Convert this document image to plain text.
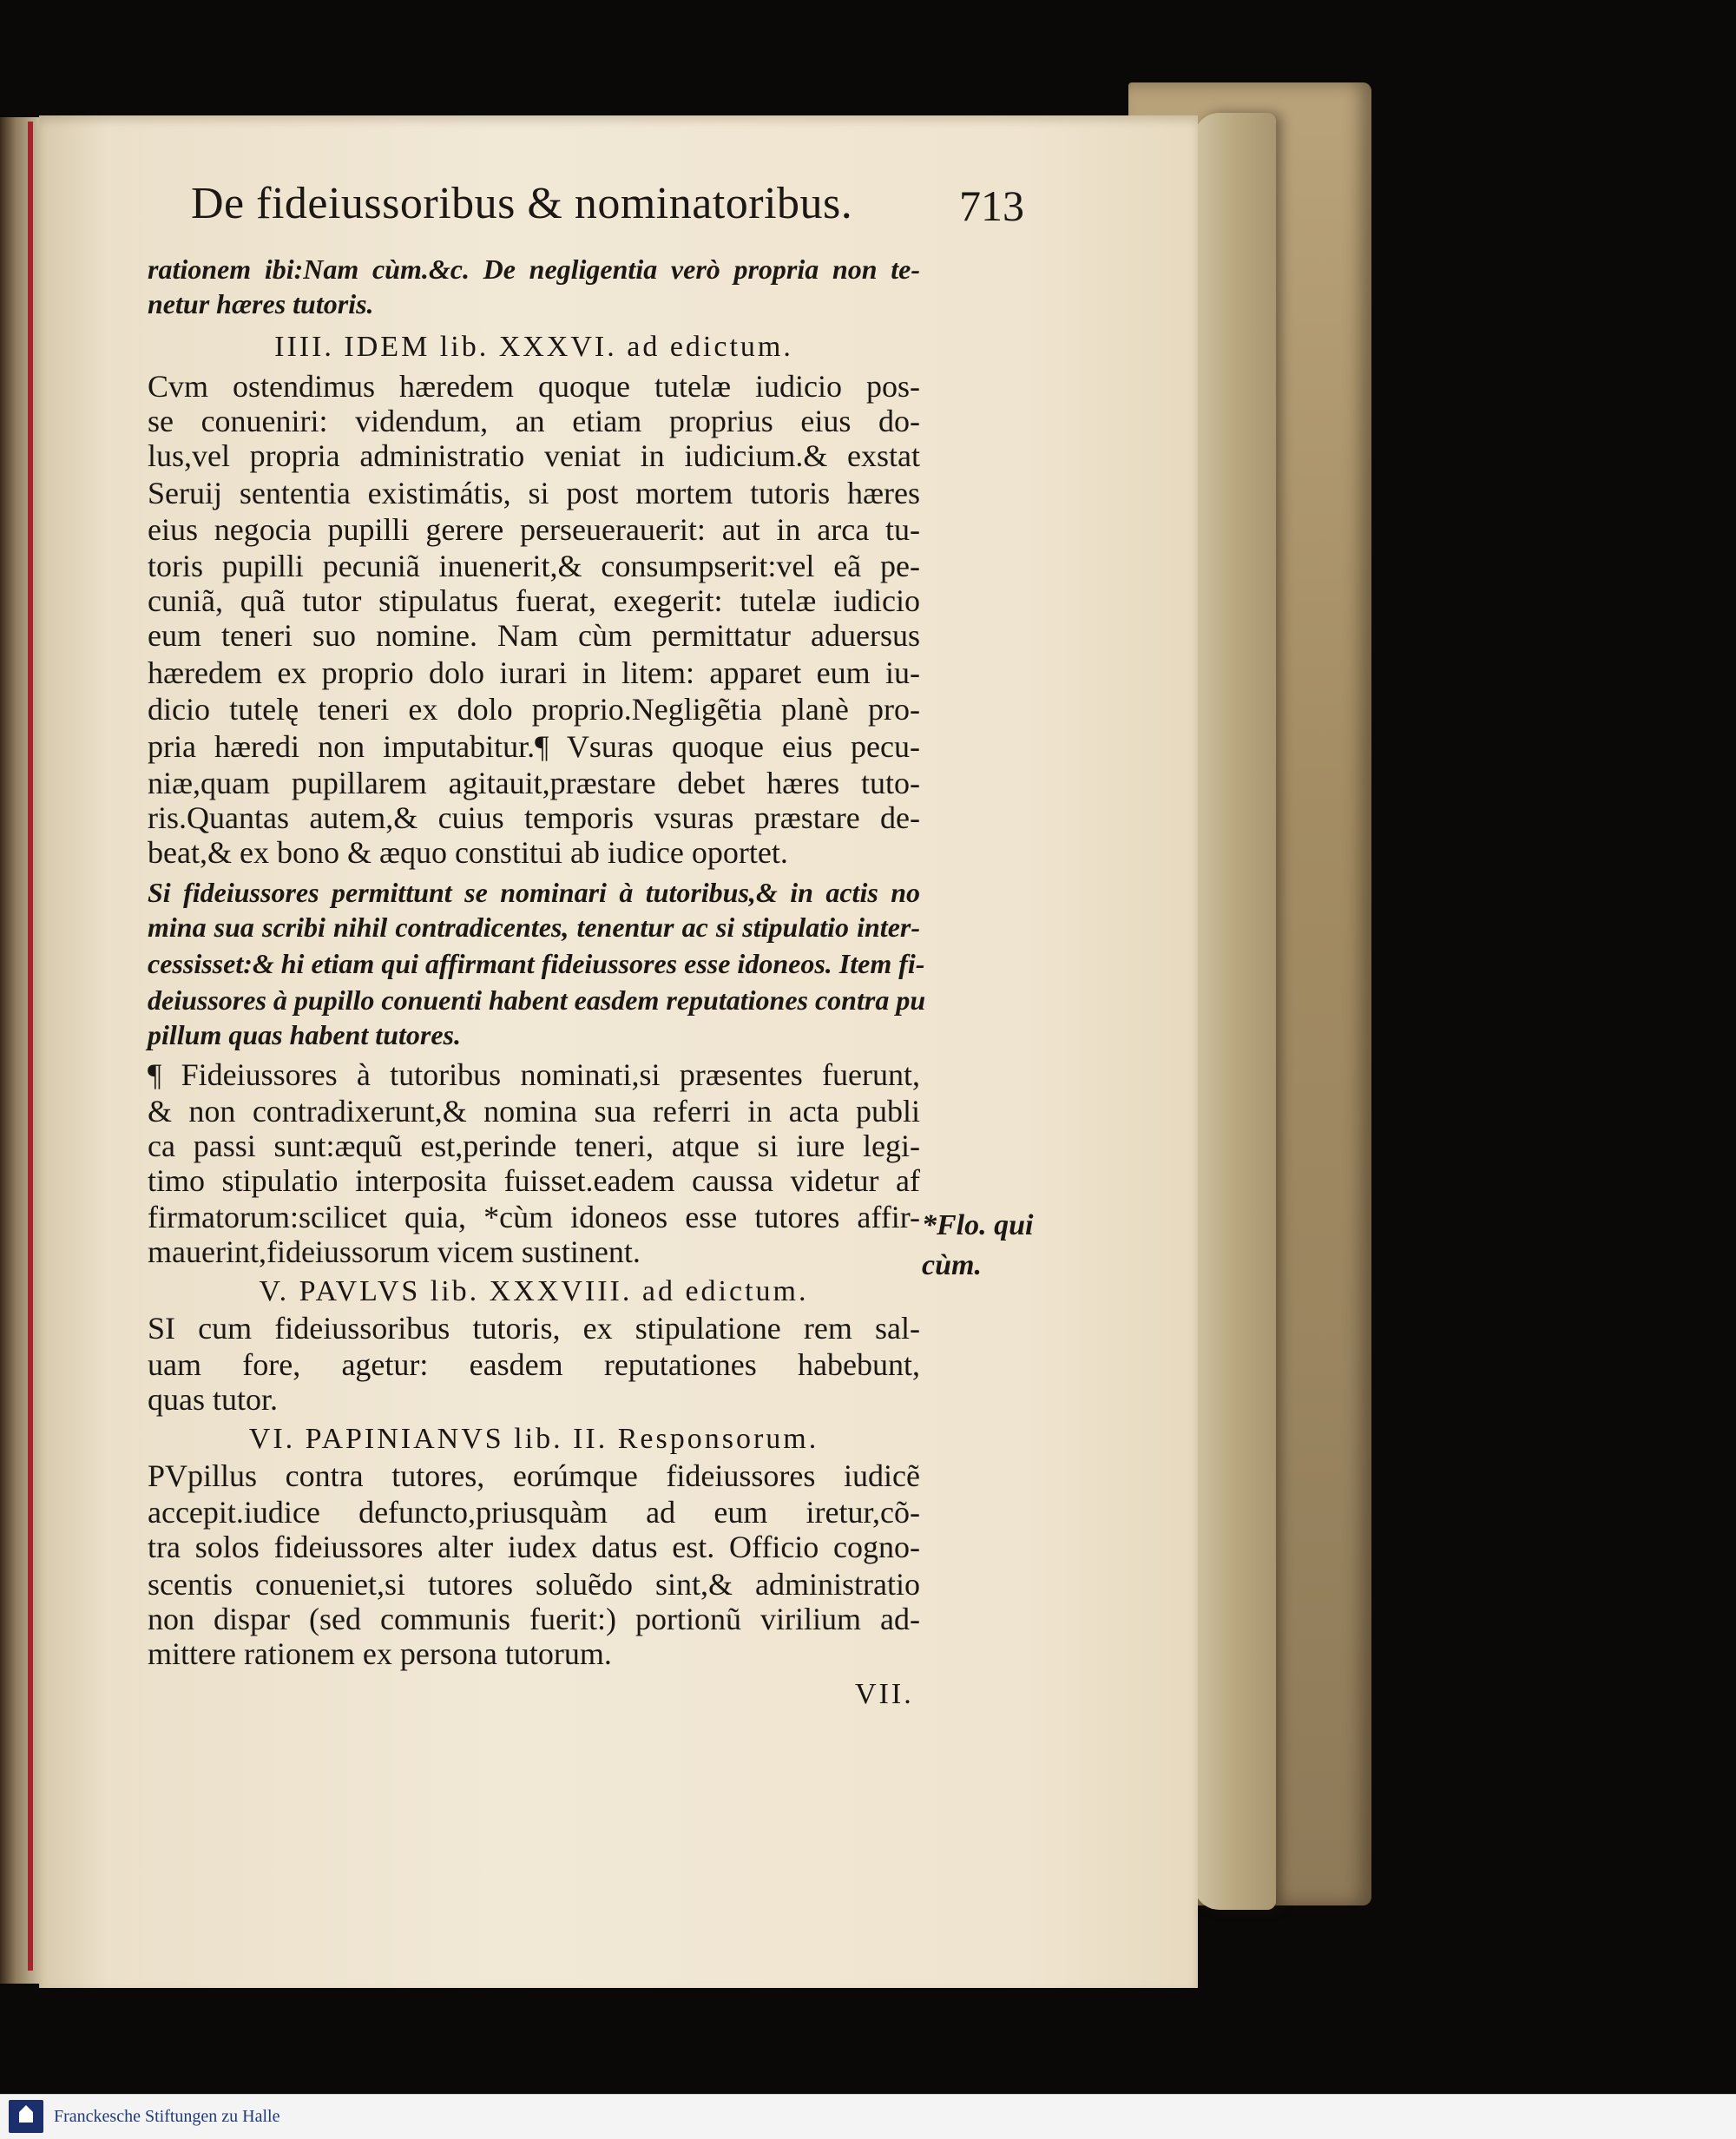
De fideiussoribus & nominatoribus. 713
rationem ibi:Nam cùm.&c. De negligentia verò propria non te-
netur hæres tutoris.
IIII. IDEM lib. XXXVI. ad edictum.
Cvm ostendimus hæredem quoque tutelæ iudicio pos-
se conueniri: videndum, an etiam proprius eius do-
lus,vel propria administratio veniat in iudicium.& exstat
Seruij sententia existimátis, si post mortem tutoris hæres
eius negocia pupilli gerere perseuerauerit: aut in arca tu-
toris pupilli pecuniã inuenerit,& consumpserit:vel eã pe-
cuniã, quã tutor stipulatus fuerat, exegerit: tutelæ iudicio
eum teneri suo nomine. Nam cùm permittatur aduersus
hæredem ex proprio dolo iurari in litem: apparet eum iu-
dicio tutelę teneri ex dolo proprio.Negligẽtia planè pro-
pria hæredi non imputabitur.¶ Vsuras quoque eius pecu-
niæ,quam pupillarem agitauit,præstare debet hæres tuto-
ris.Quantas autem,& cuius temporis vsuras præstare de-
beat,& ex bono & æquo constitui ab iudice oportet.
Si fideiussores permittunt se nominari à tutoribus,& in actis no
mina sua scribi nihil contradicentes, tenentur ac si stipulatio inter-
cessisset:& hi etiam qui affirmant fideiussores esse idoneos. Item fi-
deiussores à pupillo conuenti habent easdem reputationes contra pu
pillum quas habent tutores.
¶ Fideiussores à tutoribus nominati,si præsentes fuerunt,
& non contradixerunt,& nomina sua referri in acta publi
ca passi sunt:æquũ est,perinde teneri, atque si iure legi-
timo stipulatio interposita fuisset.eadem caussa videtur af
firmatorum:scilicet quia, *cùm idoneos esse tutores affir-
mauerint,fideiussorum vicem sustinent.
V. PAVLVS lib. XXXVIII. ad edictum.
SI cum fideiussoribus tutoris, ex stipulatione rem sal-
uam fore, agetur: easdem reputationes habebunt,
quas tutor.
VI. PAPINIANVS lib. II. Responsorum.
PVpillus contra tutores, eorúmque fideiussores iudicẽ
accepit.iudice defuncto,priusquàm ad eum iretur,cõ-
tra solos fideiussores alter iudex datus est. Officio cogno-
scentis conueniet,si tutores soluẽdo sint,& administratio
non dispar (sed communis fuerit:) portionũ virilium ad-
mittere rationem ex persona tutorum.
*Flo. qui
cùm.
VII.
Franckesche Stiftungen zu Halle
